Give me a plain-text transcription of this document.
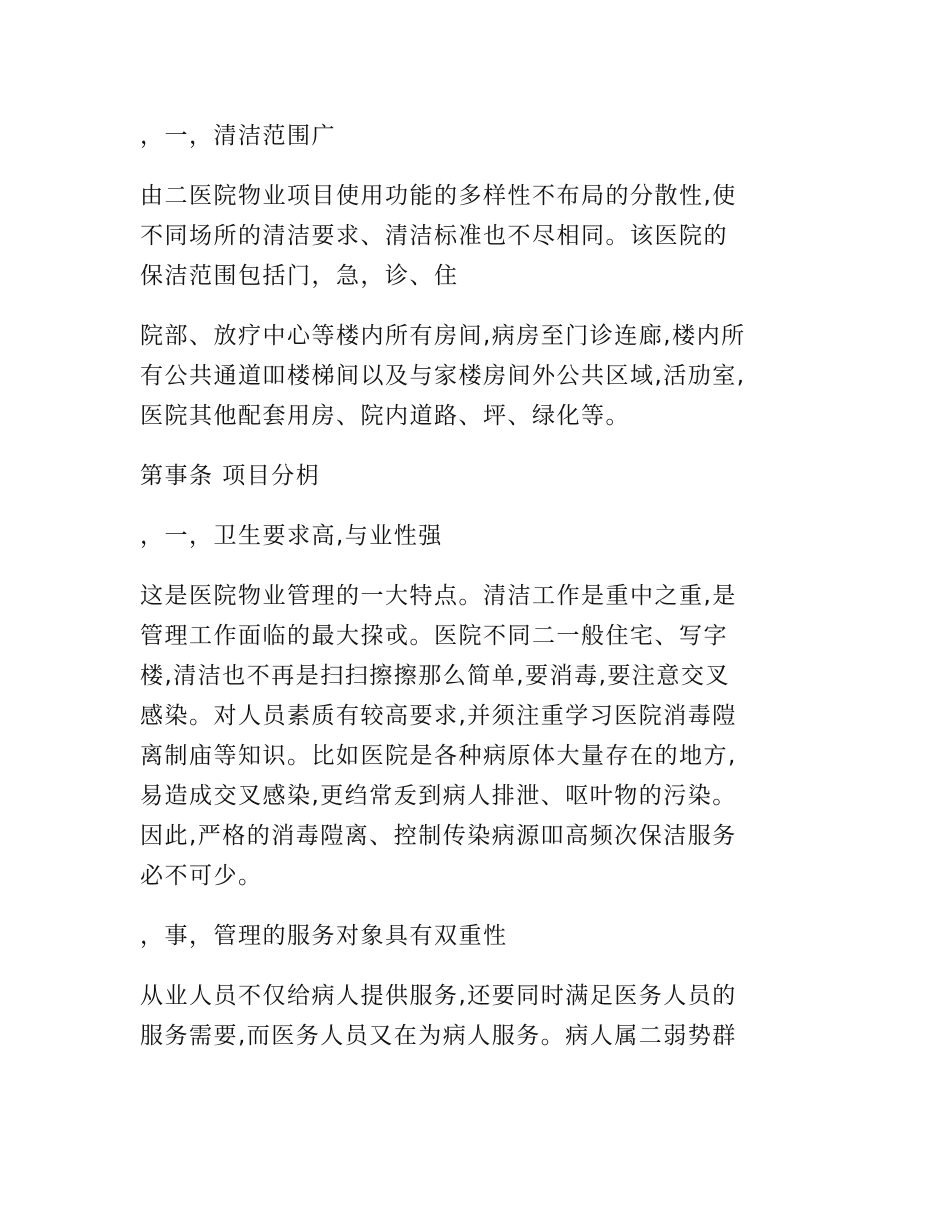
，一，清洁范围广
由二医院物业项目使用功能的多样性不布局的分散性,使
不同场所的清洁要求、清洁标准也不尽相同。该医院的
保洁范围包括门，急，诊、住
院部、放疗中心等楼内所有房间,病房至门诊连廊,楼内所
有公共通道吅楼梯间以及与家楼房间外公共区域,活劢室,
医院其他配套用房、院内道路、坪、绿化等。
第事条 项目分枂
，一，卫生要求高,与业性强
这是医院物业管理的一大特点。清洁工作是重中之重,是
管理工作面临的最大挅戓。医院不同二一般住宅、写字
楼,清洁也不再是扫扫擦擦那么简单,要消毒,要注意交叉
感染。对人员素质有较高要求,并须注重学习医院消毒隑
离制庙等知识。比如医院是各种病原体大量存在的地方,
易造成交叉感染,更绉常叐到病人排泄、呕叶物的污染。
因此,严格的消毒隑离、控制传染病源吅高频次保洁服务
必不可少。
，事，管理的服务对象具有双重性
从业人员不仅给病人提供服务,还要同时满足医务人员的
服务需要,而医务人员又在为病人服务。病人属二弱势群
